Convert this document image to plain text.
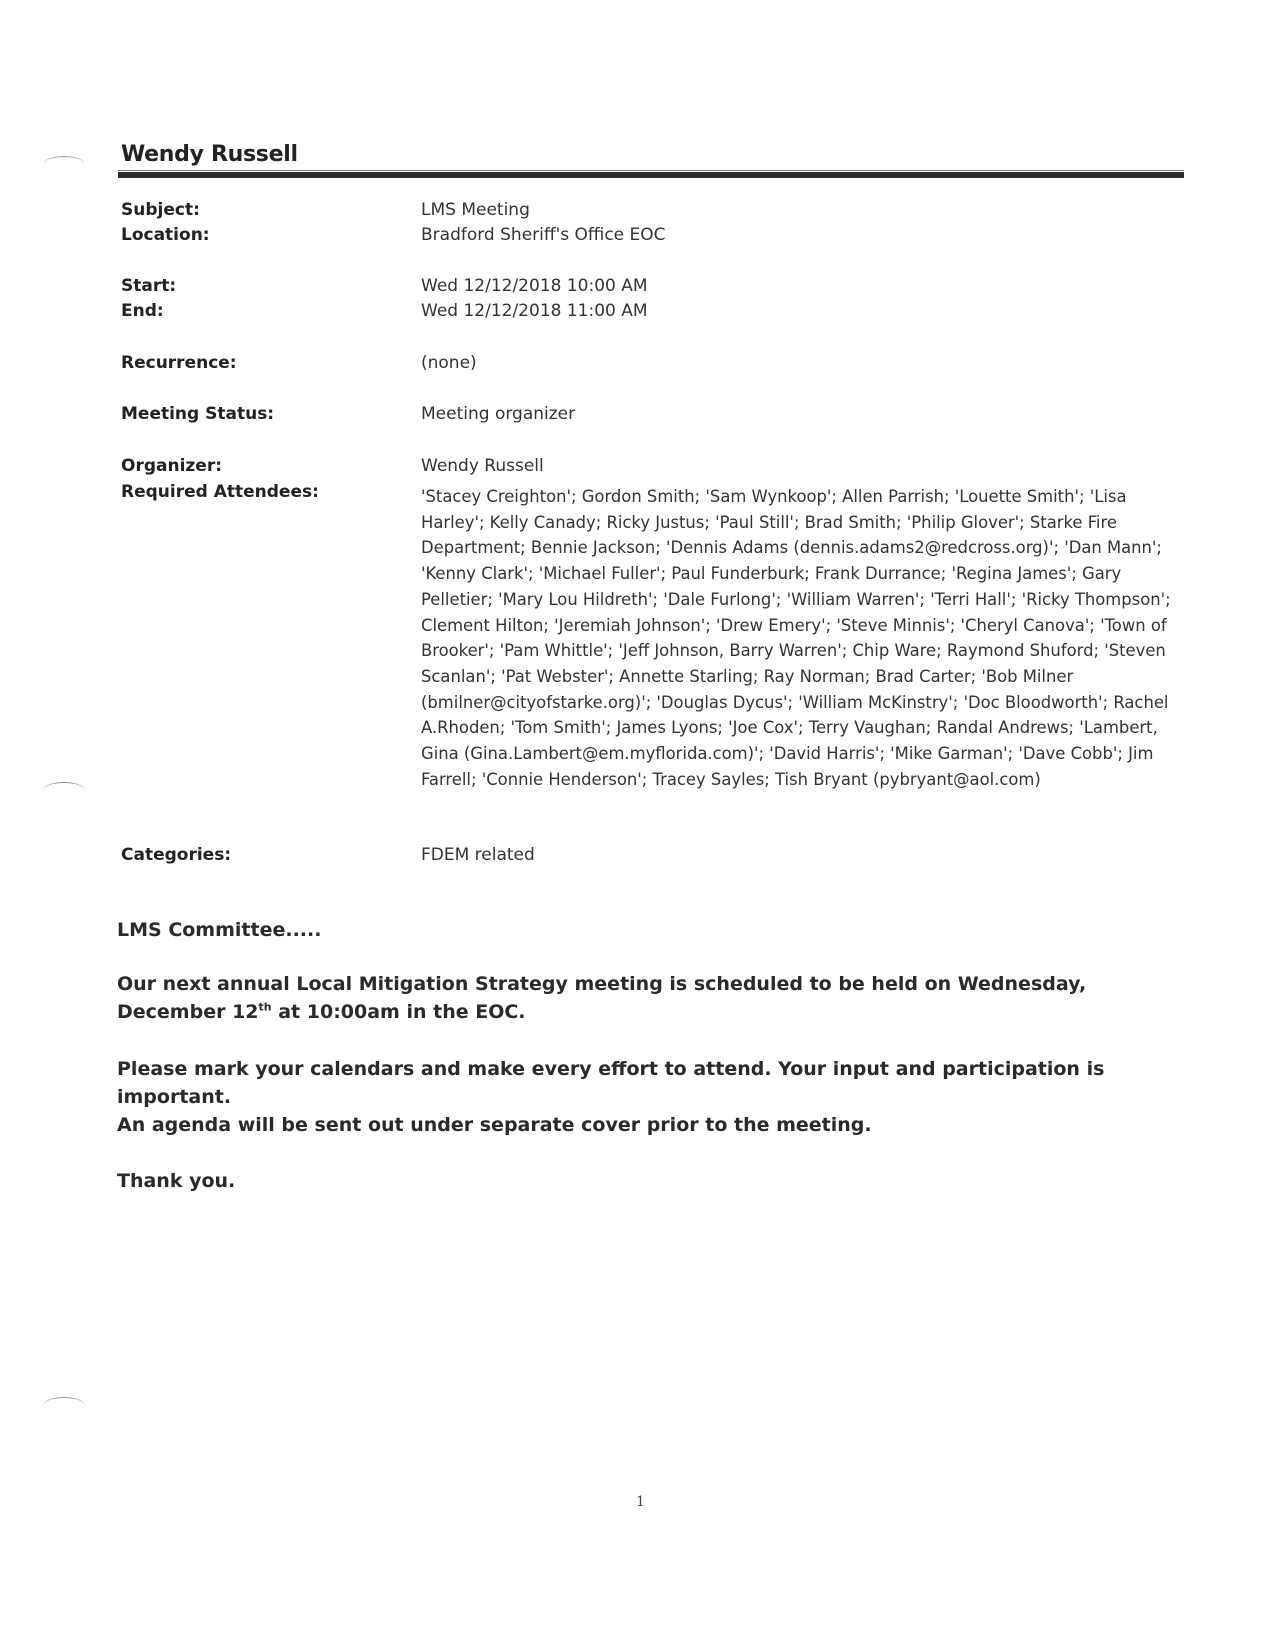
Wendy Russell
Subject:	LMS Meeting
Location:	Bradford Sheriff's Office EOC
Start:	Wed 12/12/2018 10:00 AM
End:	Wed 12/12/2018 11:00 AM
Recurrence:	(none)
Meeting Status:	Meeting organizer
Organizer:	Wendy Russell
Required Attendees:	'Stacey Creighton'; Gordon Smith; 'Sam Wynkoop'; Allen Parrish; 'Louette Smith'; 'Lisa Harley'; Kelly Canady; Ricky Justus; 'Paul Still'; Brad Smith; 'Philip Glover'; Starke Fire Department; Bennie Jackson; 'Dennis Adams (dennis.adams2@redcross.org)'; 'Dan Mann'; 'Kenny Clark'; 'Michael Fuller'; Paul Funderburk; Frank Durrance; 'Regina James'; Gary Pelletier; 'Mary Lou Hildreth'; 'Dale Furlong'; 'William Warren'; 'Terri Hall'; 'Ricky Thompson'; Clement Hilton; 'Jeremiah Johnson'; 'Drew Emery'; 'Steve Minnis'; 'Cheryl Canova'; 'Town of Brooker'; 'Pam Whittle'; 'Jeff Johnson, Barry Warren'; Chip Ware; Raymond Shuford; 'Steven Scanlan'; 'Pat Webster'; Annette Starling; Ray Norman; Brad Carter; 'Bob Milner (bmilner@cityofstarke.org)'; 'Douglas Dycus'; 'William McKinstry'; 'Doc Bloodworth'; Rachel A.Rhoden; 'Tom Smith'; James Lyons; 'Joe Cox'; Terry Vaughan; Randal Andrews; 'Lambert, Gina (Gina.Lambert@em.myflorida.com)'; 'David Harris'; 'Mike Garman'; 'Dave Cobb'; Jim Farrell; 'Connie Henderson'; Tracey Sayles; Tish Bryant (pybryant@aol.com)
Categories:	FDEM related
LMS Committee.....
Our next annual Local Mitigation Strategy meeting is scheduled to be held on Wednesday, December 12th at 10:00am in the EOC.
Please mark your calendars and make every effort to attend. Your input and participation is important.
An agenda will be sent out under separate cover prior to the meeting.
Thank you.
1
